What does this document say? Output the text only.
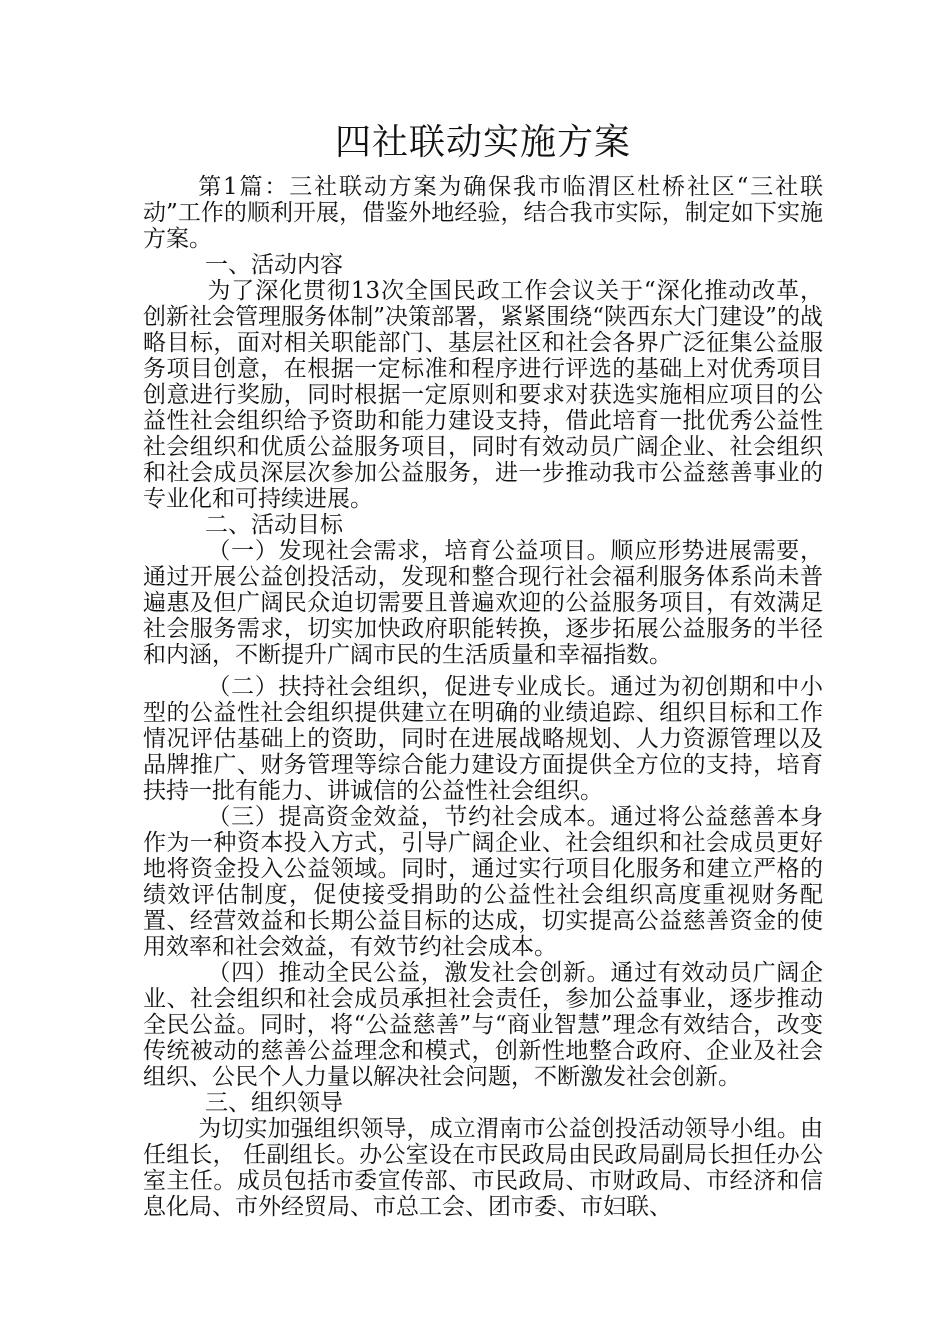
四社联动实施方案

第1篇：三社联动方案为确保我市临渭区杜桥社区“三社联动”工作的顺利开展，借鉴外地经验，结合我市实际，制定如下实施方案。

一、活动内容

为了深化贯彻13次全国民政工作会议关于“深化推动改革，创新社会管理服务体制”决策部署，紧紧围绕“陕西东大门建设”的战略目标，面对相关职能部门、基层社区和社会各界广泛征集公益服务项目创意，在根据一定标准和程序进行评选的基础上对优秀项目创意进行奖励，同时根据一定原则和要求对获选实施相应项目的公益性社会组织给予资助和能力建设支持，借此培育一批优秀公益性社会组织和优质公益服务项目，同时有效动员广阔企业、社会组织和社会成员深层次参加公益服务，进一步推动我市公益慈善事业的专业化和可持续进展。

二、活动目标

（一）发现社会需求，培育公益项目。顺应形势进展需要，通过开展公益创投活动，发现和整合现行社会福利服务体系尚未普遍惠及但广阔民众迫切需要且普遍欢迎的公益服务项目，有效满足社会服务需求，切实加快政府职能转换，逐步拓展公益服务的半径和内涵，不断提升广阔市民的生活质量和幸福指数。

（二）扶持社会组织，促进专业成长。通过为初创期和中小型的公益性社会组织提供建立在明确的业绩追踪、组织目标和工作情况评估基础上的资助，同时在进展战略规划、人力资源管理以及品牌推广、财务管理等综合能力建设方面提供全方位的支持，培育扶持一批有能力、讲诚信的公益性社会组织。

（三）提高资金效益，节约社会成本。通过将公益慈善本身作为一种资本投入方式，引导广阔企业、社会组织和社会成员更好地将资金投入公益领域。同时，通过实行项目化服务和建立严格的绩效评估制度，促使接受捐助的公益性社会组织高度重视财务配置、经营效益和长期公益目标的达成，切实提高公益慈善资金的使用效率和社会效益，有效节约社会成本。

（四）推动全民公益，激发社会创新。通过有效动员广阔企业、社会组织和社会成员承担社会责任，参加公益事业，逐步推动全民公益。同时，将“公益慈善”与“商业智慧”理念有效结合，改变传统被动的慈善公益理念和模式，创新性地整合政府、企业及社会组织、公民个人力量以解决社会问题，不断激发社会创新。

三、组织领导

为切实加强组织领导，成立渭南市公益创投活动领导小组。由 任组长， 任副组长。办公室设在市民政局由民政局副局长担任办公室主任。成员包括市委宣传部、市民政局、市财政局、市经济和信息化局、市外经贸局、市总工会、团市委、市妇联、
